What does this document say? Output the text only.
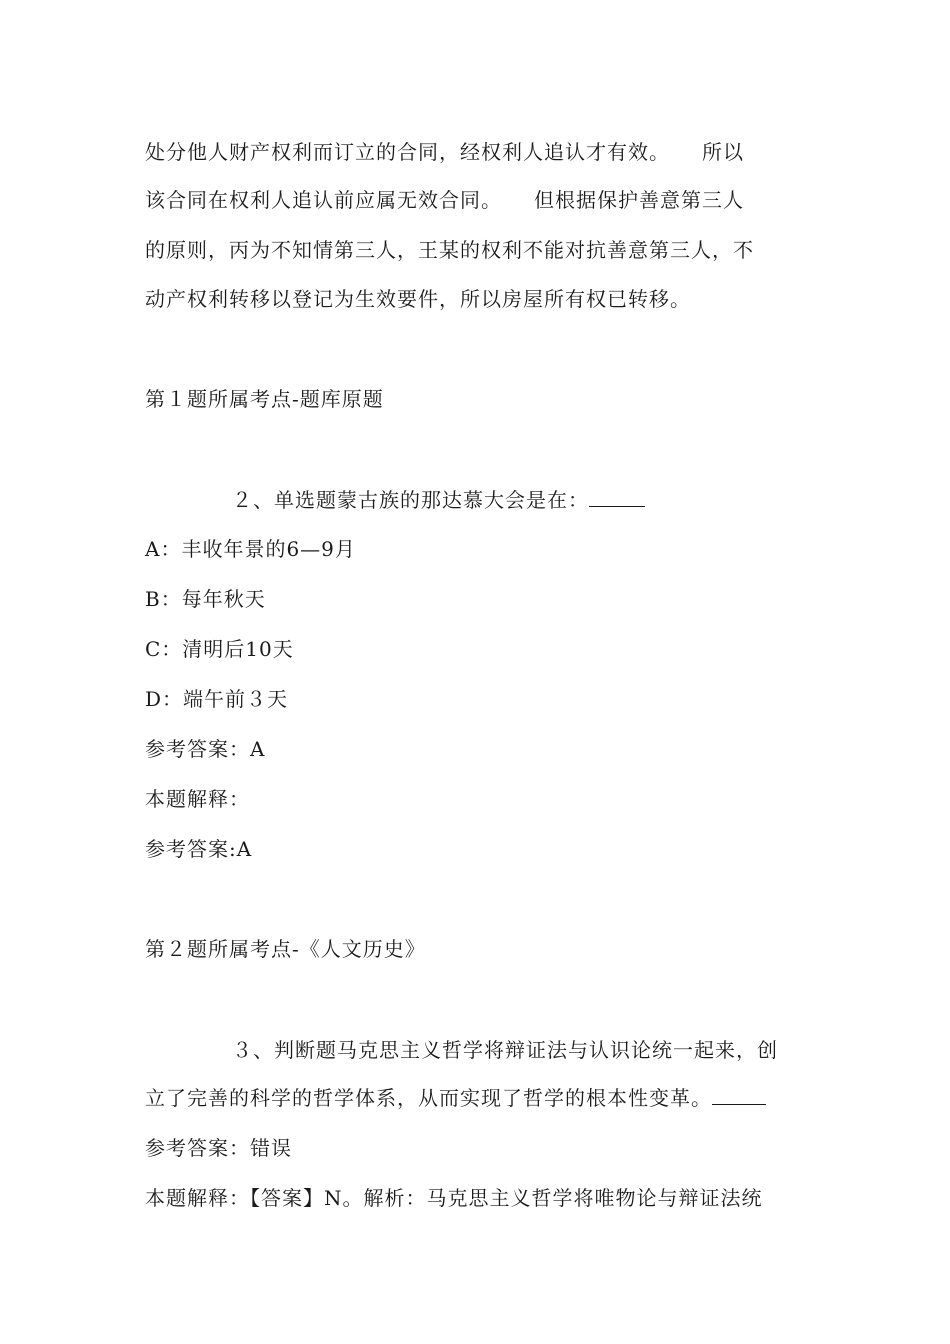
处分他人财产权利而订立的合同，经权利人追认才有效。　　所以
该合同在权利人追认前应属无效合同。　　但根据保护善意第三人
的原则，丙为不知情第三人，王某的权利不能对抗善意第三人，不
动产权利转移以登记为生效要件，所以房屋所有权已转移。
第１题所属考点-题库原题
２、单选题蒙古族的那达慕大会是在：
A：丰收年景的6—9月
B：每年秋天
C：清明后10天
D：端午前３天
参考答案：A
本题解释：
参考答案:A
第２题所属考点-《人文历史》
３、判断题马克思主义哲学将辩证法与认识论统一起来，创
立了完善的科学的哲学体系，从而实现了哲学的根本性变革。
参考答案：错误
本题解释：【答案】N。解析：马克思主义哲学将唯物论与辩证法统
